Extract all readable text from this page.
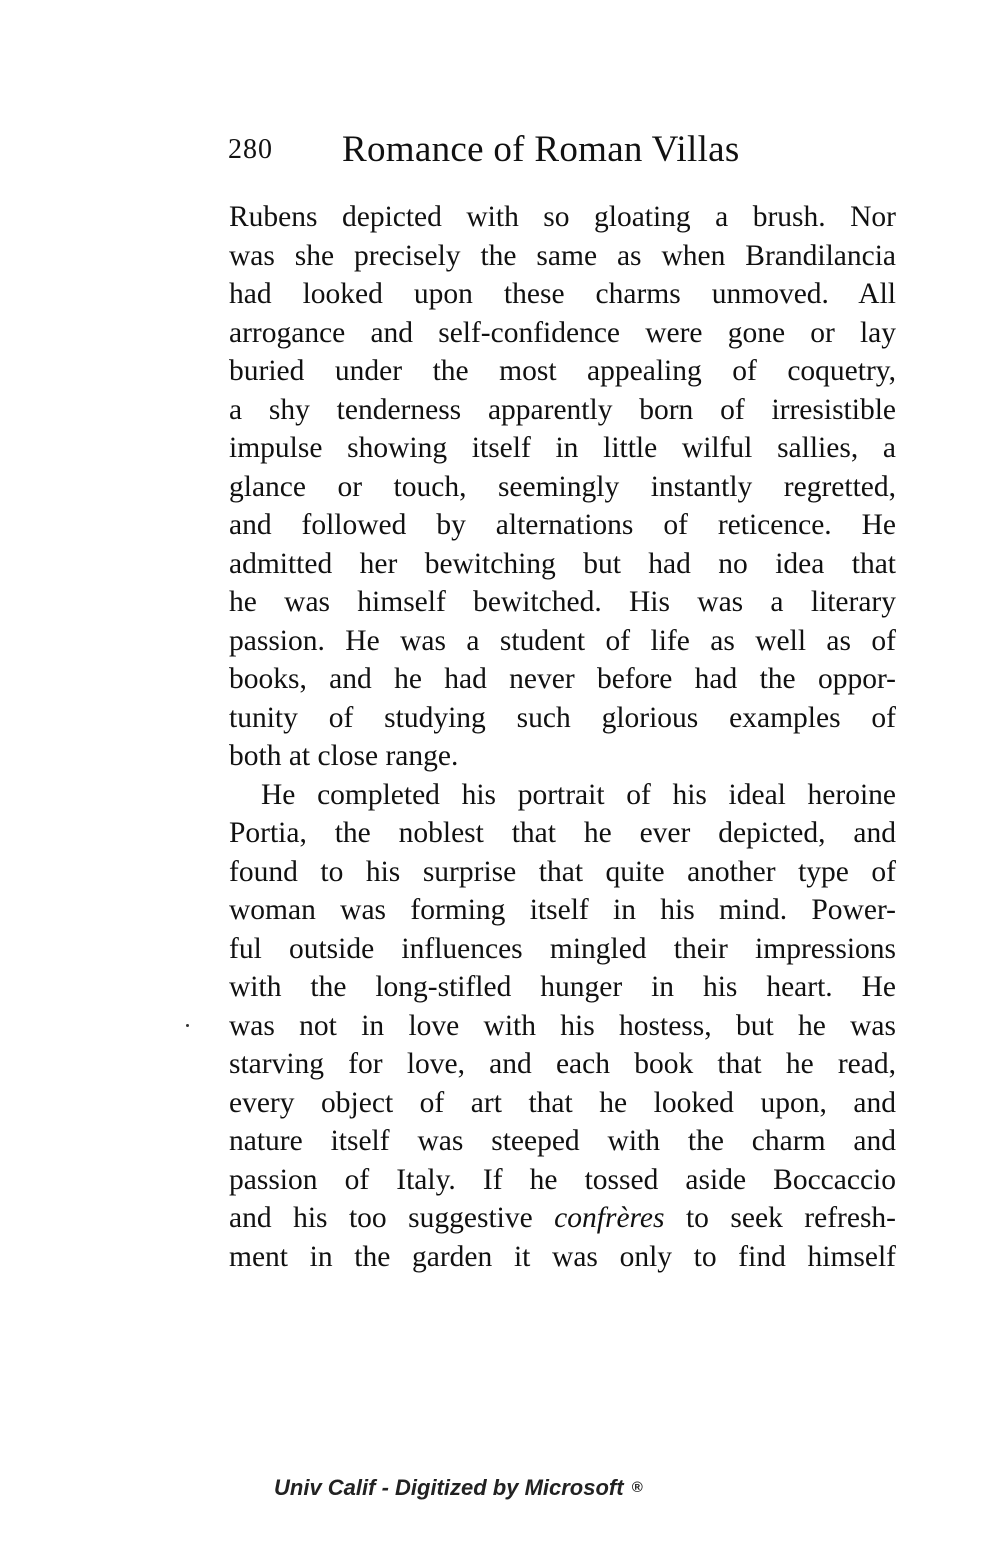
280 Romance of Roman Villas
Rubens depicted with so gloating a brush. Nor
was she precisely the same as when Brandilancia
had looked upon these charms unmoved. All
arrogance and self-confidence were gone or lay
buried under the most appealing of coquetry,
a shy tenderness apparently born of irresistible
impulse showing itself in little wilful sallies, a
glance or touch, seemingly instantly regretted,
and followed by alternations of reticence. He
admitted her bewitching but had no idea that
he was himself bewitched. His was a literary
passion. He was a student of life as well as of
books, and he had never before had the oppor-
tunity of studying such glorious examples of
both at close range.
He completed his portrait of his ideal heroine
Portia, the noblest that he ever depicted, and
found to his surprise that quite another type of
woman was forming itself in his mind. Power-
ful outside influences mingled their impressions
with the long-stifled hunger in his heart. He
was not in love with his hostess, but he was
starving for love, and each book that he read,
every object of art that he looked upon, and
nature itself was steeped with the charm and
passion of Italy. If he tossed aside Boccaccio
and his too suggestive confrères to seek refresh-
ment in the garden it was only to find himself
Univ Calif - Digitized by Microsoft ®
